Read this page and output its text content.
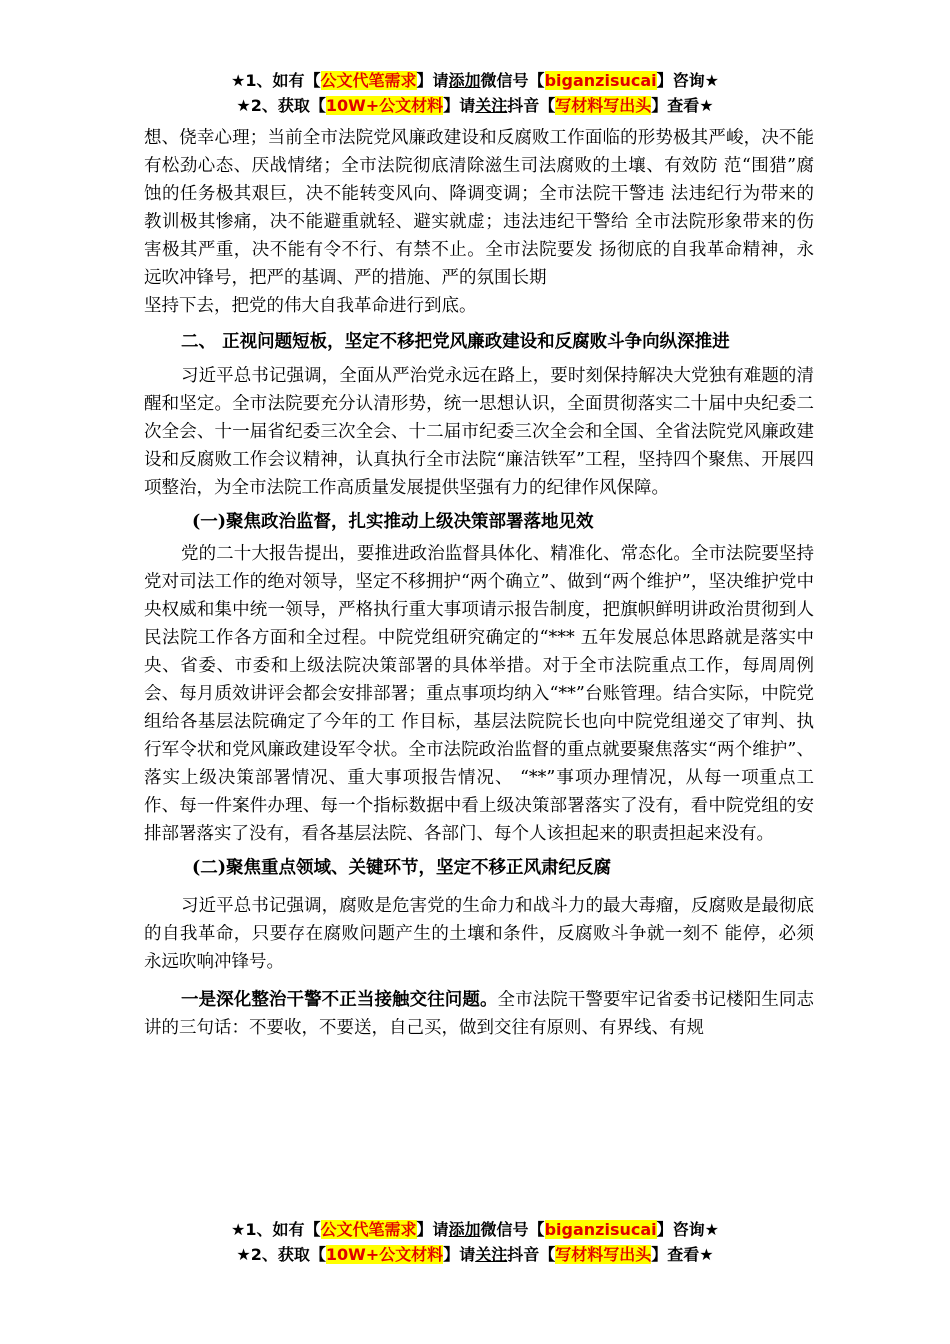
★1、如有【公文代笔需求】请添加微信号【biganzisucai】咨询★
★2、获取【10W+公文材料】请关注抖音【写材料写出头】查看★

想、侥幸心理；当前全市法院党风廉政建设和反腐败工作面临的形势极其严峻，决不能有松劲心态、厌战情绪；全市法院彻底清除滋生司法腐败的土壤、有效防 范“围猎”腐蚀的任务极其艰巨，决不能转变风向、降调变调；全市法院干警违 法违纪行为带来的教训极其惨痛，决不能避重就轻、避实就虚；违法违纪干警给 全市法院形象带来的伤害极其严重，决不能有令不行、有禁不止。全市法院要发 扬彻底的自我革命精神，永远吹冲锋号，把严的基调、严的措施、严的氛围长期

坚持下去，把党的伟大自我革命进行到底。

二、 正视问题短板，坚定不移把党风廉政建设和反腐败斗争向纵深推进

习近平总书记强调，全面从严治党永远在路上，要时刻保持解决大党独有难题的清醒和坚定。全市法院要充分认清形势，统一思想认识，全面贯彻落实二十届中央纪委二次全会、十一届省纪委三次全会、十二届市纪委三次全会和全国、全省法院党风廉政建设和反腐败工作会议精神，认真执行全市法院“廉洁铁军”工程，坚持四个聚焦、开展四项整治，为全市法院工作高质量发展提供坚强有力的纪律作风保障。

(一)聚焦政治监督，扎实推动上级决策部署落地见效

党的二十大报告提出，要推进政治监督具体化、精准化、常态化。全市法院要坚持党对司法工作的绝对领导，坚定不移拥护“两个确立”、做到“两个维护”，坚决维护党中央权威和集中统一领导，严格执行重大事项请示报告制度，把旗帜鲜明讲政治贯彻到人民法院工作各方面和全过程。中院党组研究确定的“*** 五年发展总体思路就是落实中央、省委、市委和上级法院决策部署的具体举措。对于全市法院重点工作，每周周例会、每月质效讲评会都会安排部署；重点事项均纳入“**”台账管理。结合实际，中院党组给各基层法院确定了今年的工 作目标，基层法院院长也向中院党组递交了审判、执行军令状和党风廉政建设军令状。全市法院政治监督的重点就要聚焦落实“两个维护”、落实上级决策部署情况、重大事项报告情况、 “**”事项办理情况，从每一项重点工作、每一件案件办理、每一个指标数据中看上级决策部署落实了没有，看中院党组的安排部署落实了没有，看各基层法院、各部门、每个人该担起来的职责担起来没有。

(二)聚焦重点领域、关键环节，坚定不移正风肃纪反腐

习近平总书记强调，腐败是危害党的生命力和战斗力的最大毒瘤，反腐败是最彻底的自我革命，只要存在腐败问题产生的土壤和条件，反腐败斗争就一刻不 能停，必须永远吹响冲锋号。

一是深化整治干警不正当接触交往问题。全市法院干警要牢记省委书记楼阳生同志讲的三句话：不要收，不要送，自己买，做到交往有原则、有界线、有规

★1、如有【公文代笔需求】请添加微信号【biganzisucai】咨询★
★2、获取【10W+公文材料】请关注抖音【写材料写出头】查看★
